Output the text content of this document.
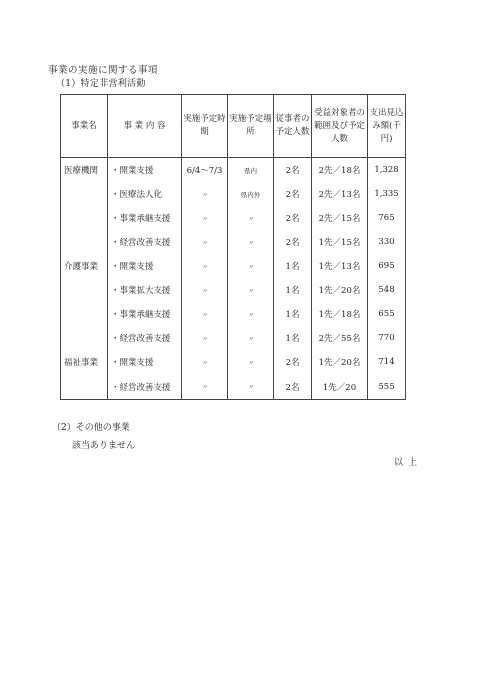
事業の実施に関する事項
（1）特定非営利活動
事業名	事 業 内 容	実施予定時期	実施予定場所	従事者の予定人数	受益対象者の範囲及び予定人数	支出見込み額(千円)
医療機関	・開業支援	6/4〜7/3	県内	2名	2先／18名	1,328
	・医療法人化	〃	県内外	2名	2先／13名	1,335
	・事業承継支援	〃	〃	2名	2先／15名	765
	・経営改善支援	〃	〃	2名	1先／15名	330
介護事業	・開業支援	〃	〃	1名	1先／13名	695
	・事業拡大支援	〃	〃	1名	1先／20名	548
	・事業承継支援	〃	〃	1名	1先／18名	655
	・経営改善支援	〃	〃	1名	2先／55名	770
福祉事業	・開業支援	〃	〃	2名	1先／20名	714
	・経営改善支援	〃	〃	2名	1先／20	555
（2）その他の事業
該当ありません
以上
